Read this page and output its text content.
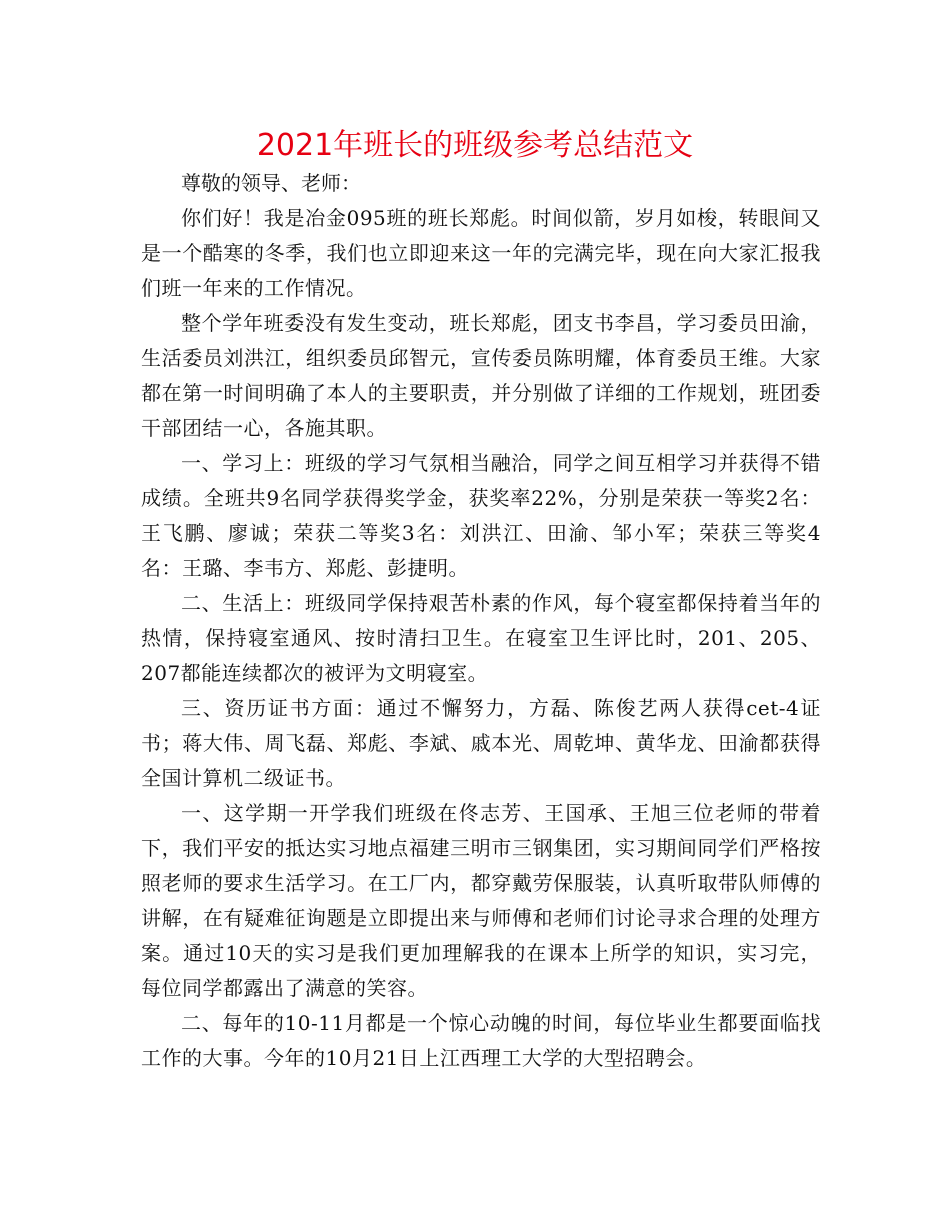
2021年班长的班级参考总结范文

尊敬的领导、老师：

你们好！我是冶金095班的班长郑彪。时间似箭，岁月如梭，转眼间又是一个酷寒的冬季，我们也立即迎来这一年的完满完毕，现在向大家汇报我们班一年来的工作情况。

整个学年班委没有发生变动，班长郑彪，团支书李昌，学习委员田渝，生活委员刘洪江，组织委员邱智元，宣传委员陈明耀，体育委员王维。大家都在第一时间明确了本人的主要职责，并分别做了详细的工作规划，班团委干部团结一心，各施其职。

一、学习上：班级的学习气氛相当融洽，同学之间互相学习并获得不错成绩。全班共9名同学获得奖学金，获奖率22%，分别是荣获一等奖2名：王飞鹏、廖诚；荣获二等奖3名：刘洪江、田渝、邹小军；荣获三等奖4名：王璐、李韦方、郑彪、彭捷明。

二、生活上：班级同学保持艰苦朴素的作风，每个寝室都保持着当年的热情，保持寝室通风、按时清扫卫生。在寝室卫生评比时，201、205、207都能连续都次的被评为文明寝室。

三、资历证书方面：通过不懈努力，方磊、陈俊艺两人获得cet-4证书；蒋大伟、周飞磊、郑彪、李斌、戚本光、周乾坤、黄华龙、田渝都获得全国计算机二级证书。

一、这学期一开学我们班级在佟志芳、王国承、王旭三位老师的带着下，我们平安的抵达实习地点福建三明市三钢集团，实习期间同学们严格按照老师的要求生活学习。在工厂内，都穿戴劳保服装，认真听取带队师傅的讲解，在有疑难征询题是立即提出来与师傅和老师们讨论寻求合理的处理方案。通过10天的实习是我们更加理解我的在课本上所学的知识，实习完，每位同学都露出了满意的笑容。

二、每年的10-11月都是一个惊心动魄的时间，每位毕业生都要面临找工作的大事。今年的10月21日上江西理工大学的大型招聘会。
